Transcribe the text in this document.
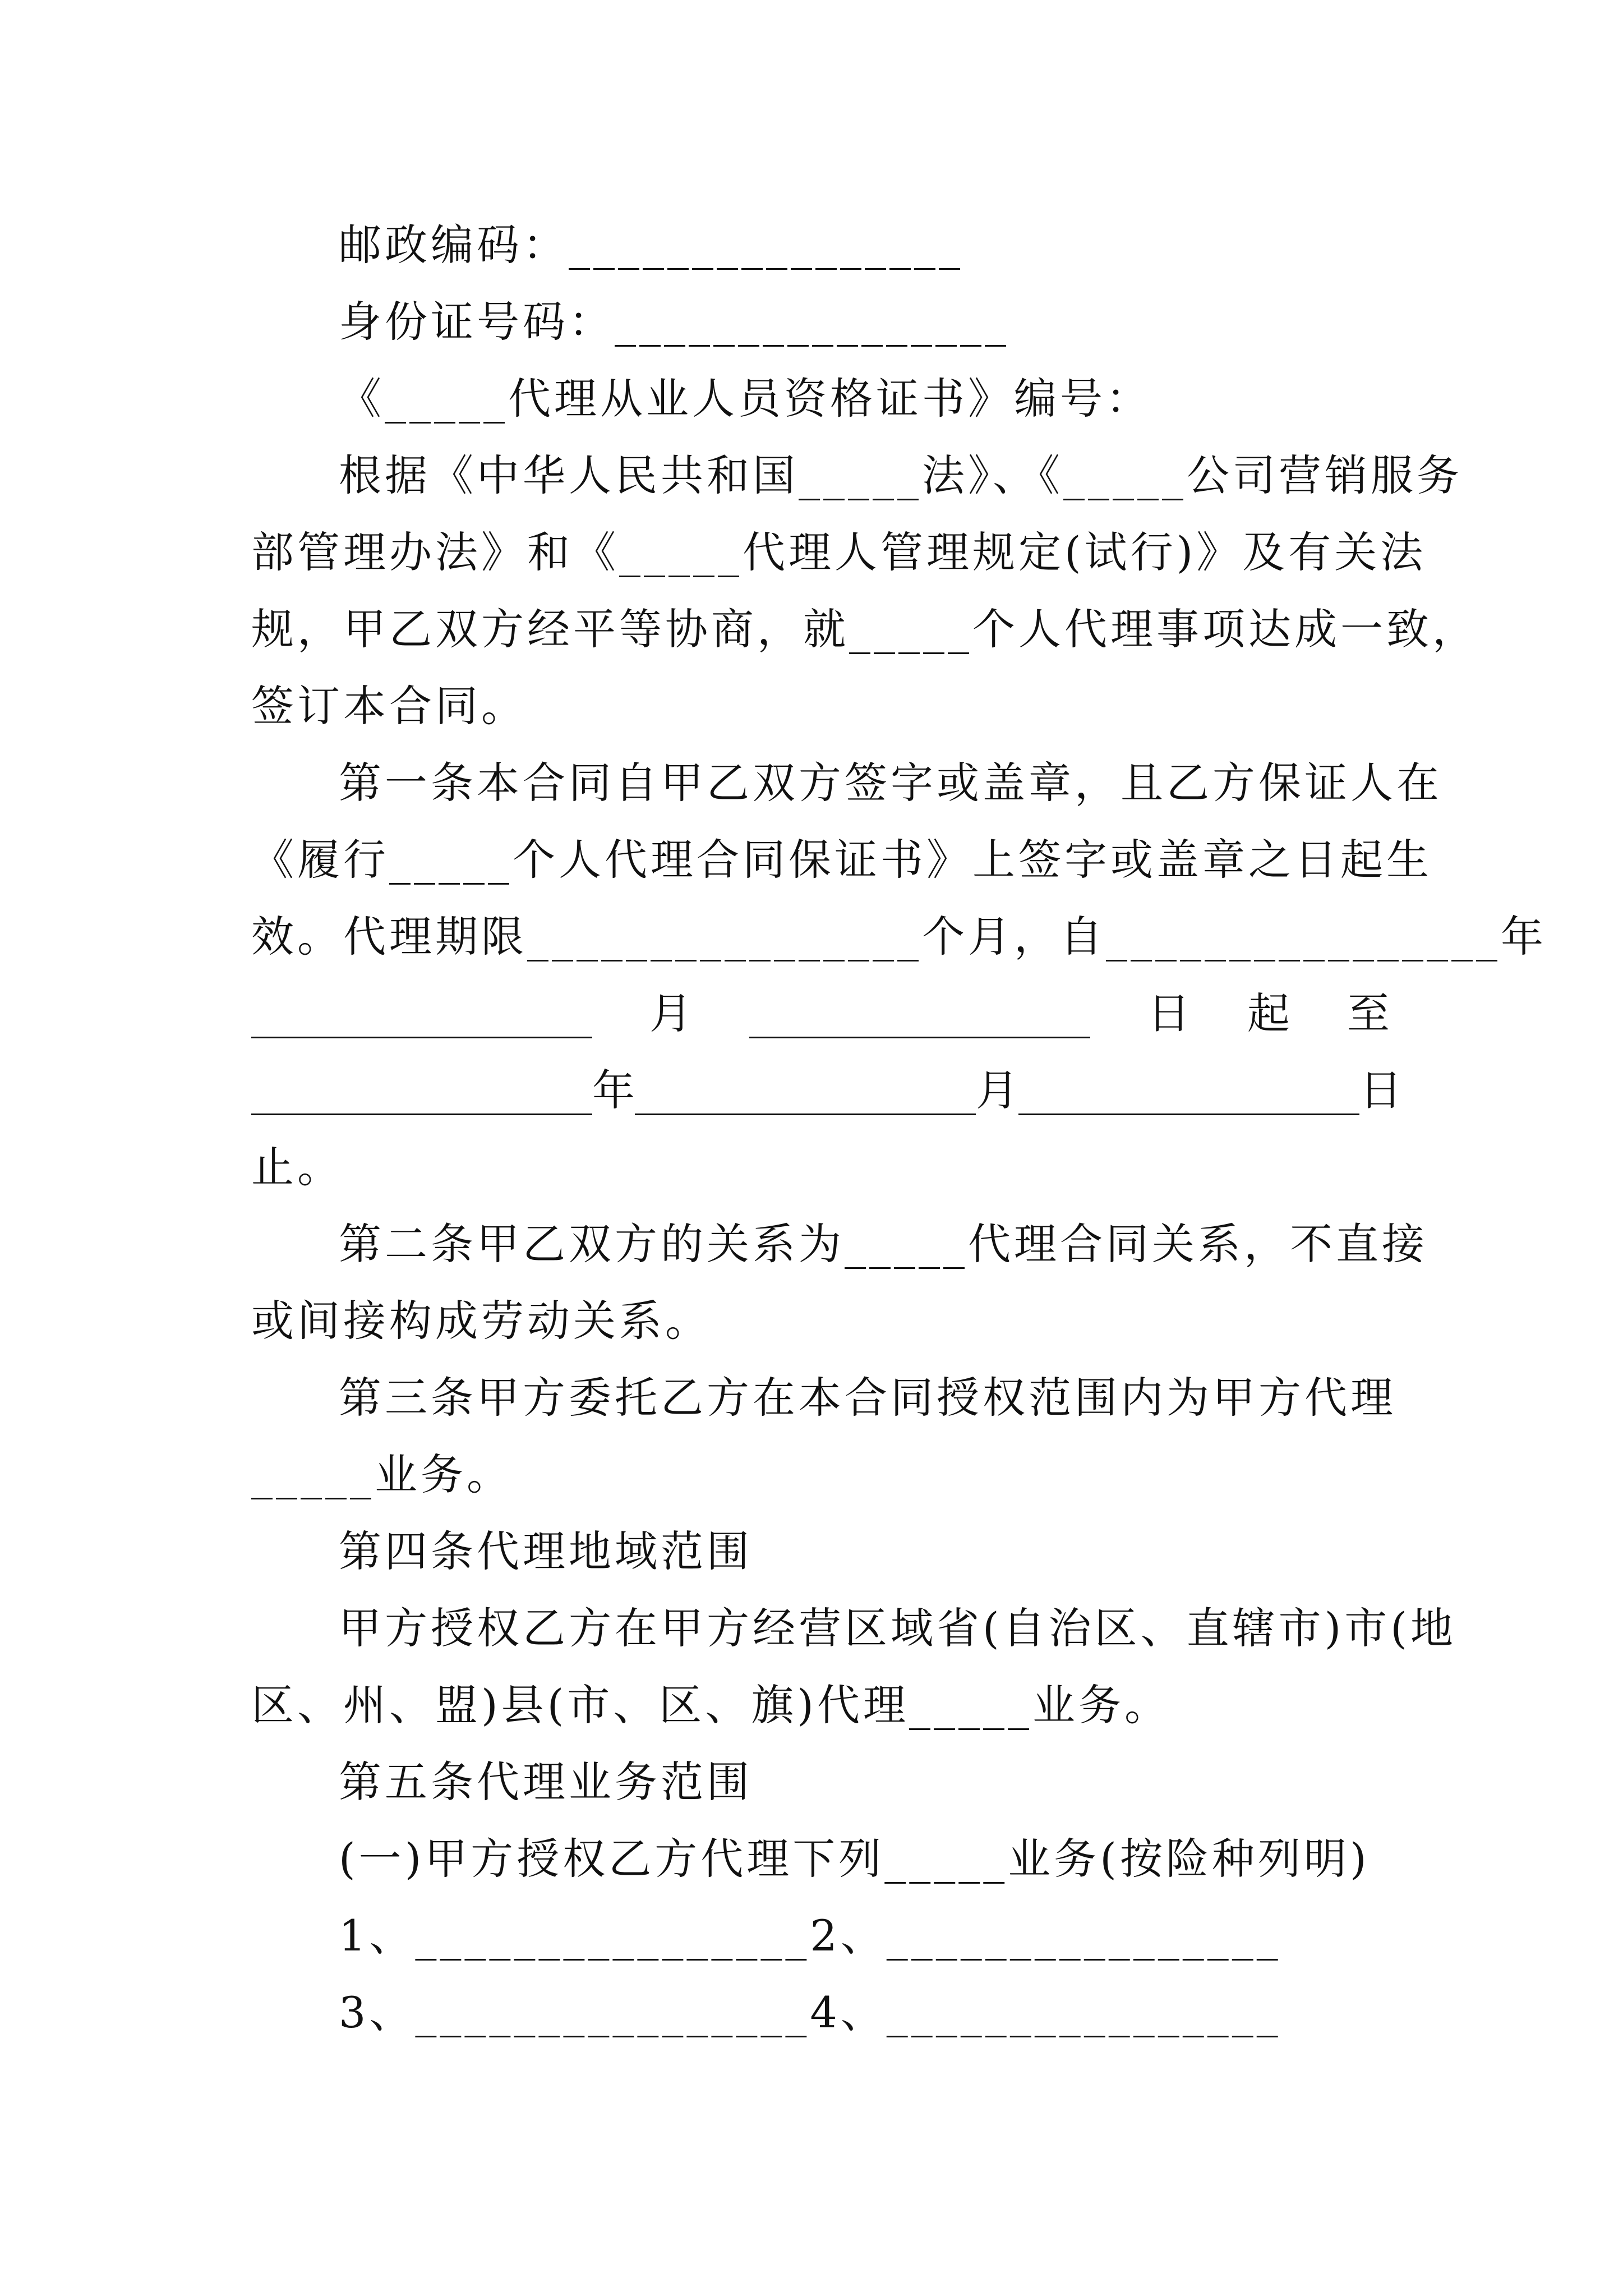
邮政编码：________________
身份证号码：________________
《_____代理从业人员资格证书》编号：
根据《中华人民共和国_____法》、《_____公司营销服务
部管理办法》和《_____代理人管理规定(试行)》及有关法
规，甲乙双方经平等协商，就_____个人代理事项达成一致，
签订本合同。
第一条本合同自甲乙双方签字或盖章，且乙方保证人在
《履行_____个人代理合同保证书》上签字或盖章之日起生
效。代理期限________________个月，自________________年
________________ 月 ________________ 日 起 至
________________ 年 ________________ 月 ________________ 日
止。
第二条甲乙双方的关系为_____代理合同关系，不直接
或间接构成劳动关系。
第三条甲方委托乙方在本合同授权范围内为甲方代理
_____业务。
第四条代理地域范围
甲方授权乙方在甲方经营区域省(自治区、直辖市)市(地
区、州、盟)县(市、区、旗)代理_____业务。
第五条代理业务范围
(一)甲方授权乙方代理下列_____业务(按险种列明)
1、________________2、________________
3、________________4、________________
